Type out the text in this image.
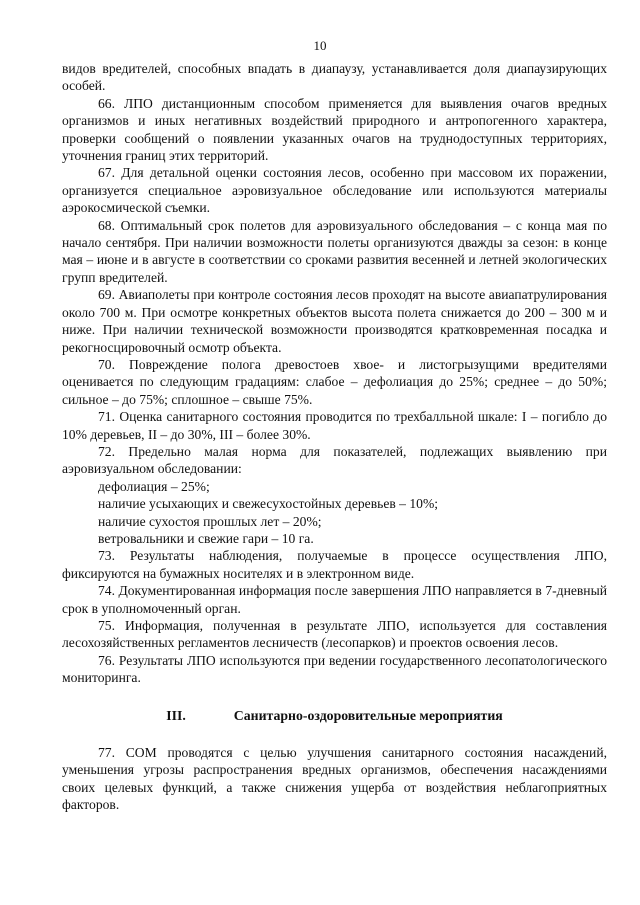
10

видов вредителей, способных впадать в диапаузу, устанавливается доля диапаузирующих особей.

66. ЛПО дистанционным способом применяется для выявления очагов вредных организмов и иных негативных воздействий природного и антропогенного характера, проверки сообщений о появлении указанных очагов на труднодоступных территориях, уточнения границ этих территорий.

67. Для детальной оценки состояния лесов, особенно при массовом их поражении, организуется специальное аэровизуальное обследование или используются материалы аэрокосмической съемки.

68. Оптимальный срок полетов для аэровизуального обследования – с конца мая по начало сентября. При наличии возможности полеты организуются дважды за сезон: в конце мая – июне и в августе в соответствии со сроками развития весенней и летней экологических групп вредителей.

69. Авиаполеты при контроле состояния лесов проходят на высоте авиапатрулирования около 700 м. При осмотре конкретных объектов высота полета снижается до 200 – 300 м и ниже. При наличии технической возможности производятся кратковременная посадка и рекогносцировочный осмотр объекта.

70. Повреждение полога древостоев хвое- и листогрызущими вредителями оценивается по следующим градациям: слабое – дефолиация до 25%; среднее – до 50%; сильное – до 75%; сплошное – свыше 75%.

71. Оценка санитарного состояния проводится по трехбалльной шкале: I – погибло до 10% деревьев, II – до 30%, III – более 30%.

72. Предельно малая норма для показателей, подлежащих выявлению при аэровизуальном обследовании:

дефолиация – 25%;

наличие усыхающих и свежесухостойных деревьев – 10%;

наличие сухостоя прошлых лет – 20%;

ветровальники и свежие гари – 10 га.

73. Результаты наблюдения, получаемые в процессе осуществления ЛПО, фиксируются на бумажных носителях и в электронном виде.

74. Документированная информация после завершения ЛПО направляется в 7-дневный срок в уполномоченный орган.

75. Информация, полученная в результате ЛПО, используется для составления лесохозяйственных регламентов лесничеств (лесопарков) и проектов освоения лесов.

76. Результаты ЛПО используются при ведении государственного лесопатологического мониторинга.

III.	Санитарно-оздоровительные мероприятия

77. СОМ проводятся с целью улучшения санитарного состояния насаждений, уменьшения угрозы распространения вредных организмов, обеспечения насаждениями своих целевых функций, а также снижения ущерба от воздействия неблагоприятных факторов.
